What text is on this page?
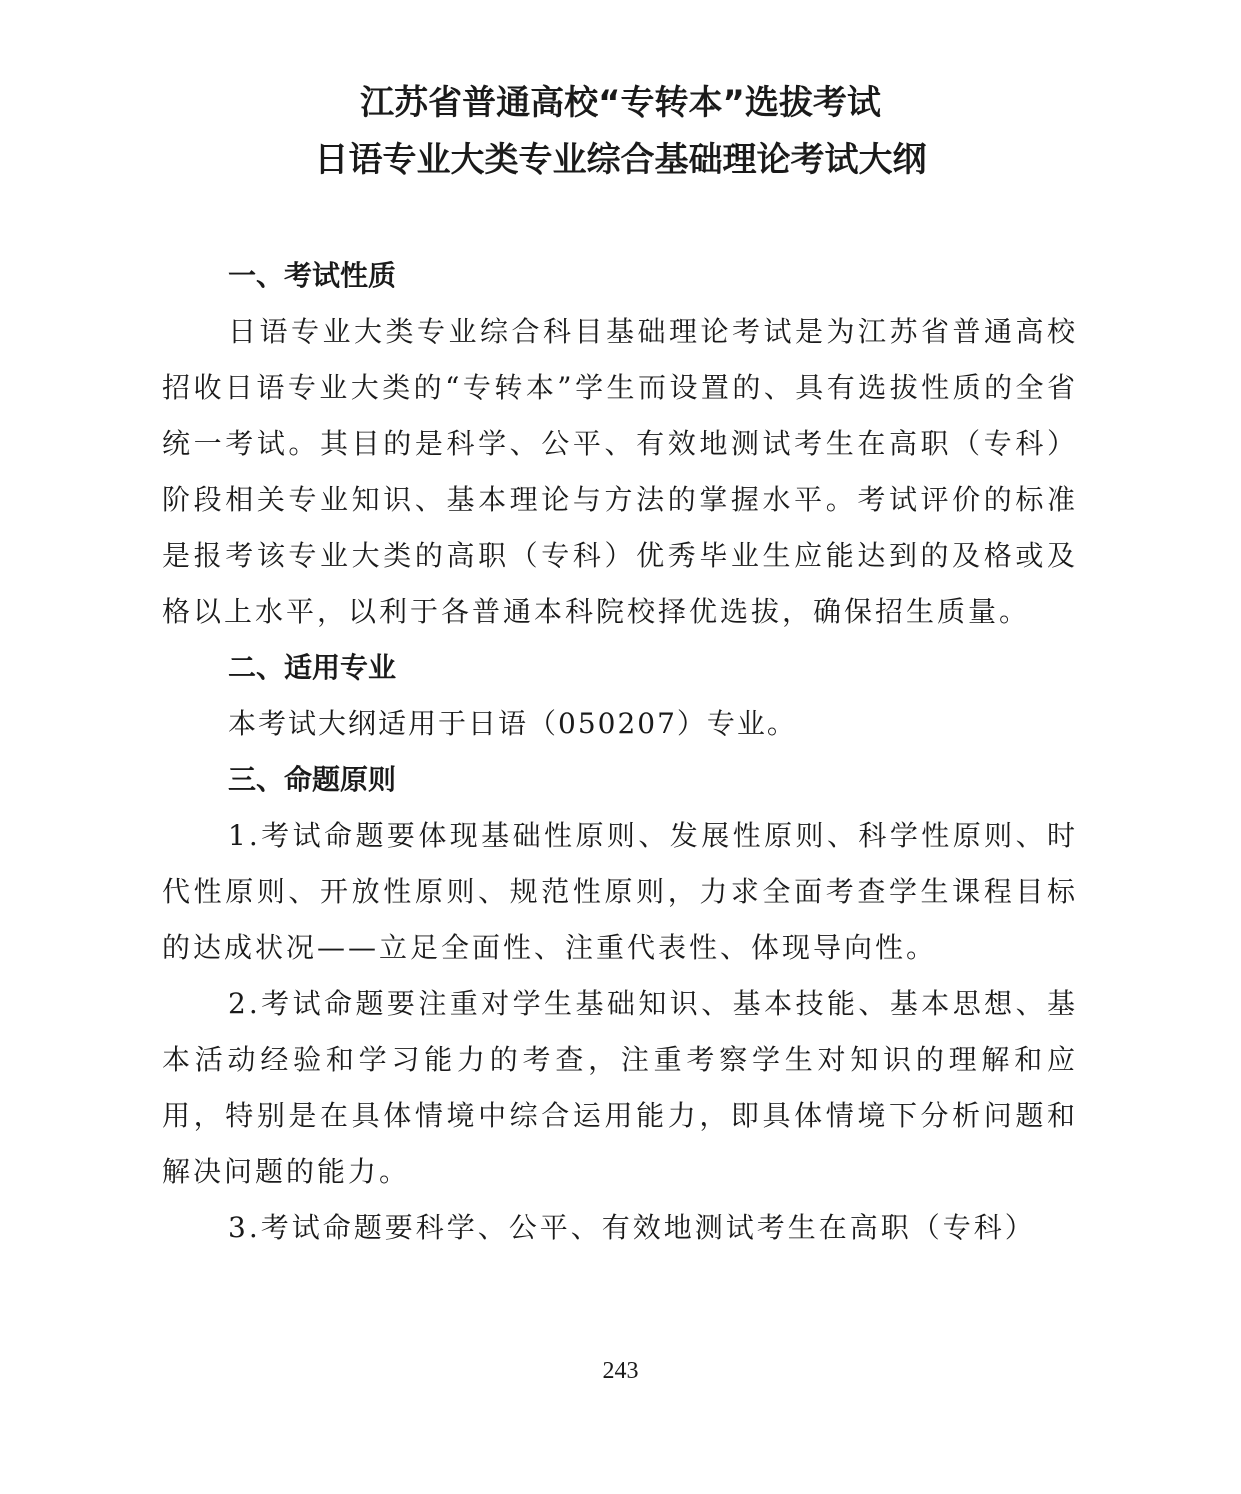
江苏省普通高校“专转本”选拔考试
日语专业大类专业综合基础理论考试大纲
一、考试性质

日语专业大类专业综合科目基础理论考试是为江苏省普通高校招收日语专业大类的“专转本”学生而设置的、具有选拔性质的全省统一考试。其目的是科学、公平、有效地测试考生在高职（专科）阶段相关专业知识、基本理论与方法的掌握水平。考试评价的标准是报考该专业大类的高职（专科）优秀毕业生应能达到的及格或及格以上水平，以利于各普通本科院校择优选拔，确保招生质量。

二、适用专业

本考试大纲适用于日语（050207）专业。

三、命题原则

1.考试命题要体现基础性原则、发展性原则、科学性原则、时代性原则、开放性原则、规范性原则，力求全面考查学生课程目标的达成状况——立足全面性、注重代表性、体现导向性。

2.考试命题要注重对学生基础知识、基本技能、基本思想、基本活动经验和学习能力的考查，注重考察学生对知识的理解和应用，特别是在具体情境中综合运用能力，即具体情境下分析问题和解决问题的能力。

3.考试命题要科学、公平、有效地测试考生在高职（专科）

243
